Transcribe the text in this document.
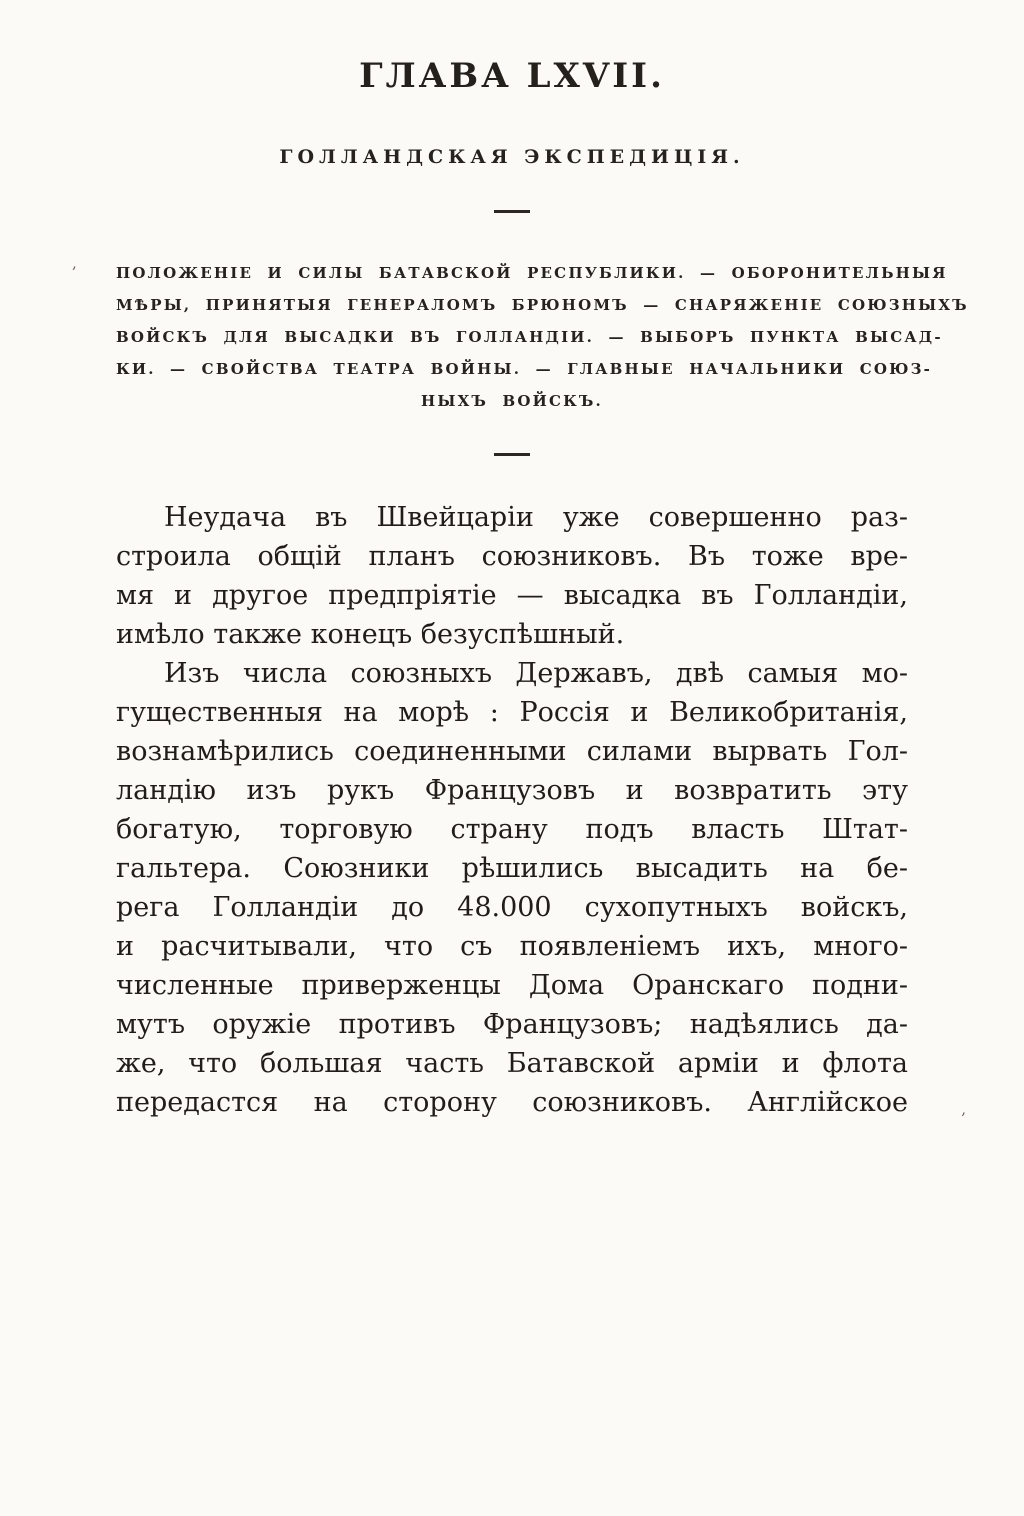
,
,
ГЛАВА LXVII.
ГОЛЛАНДСКАЯ ЭКСПЕДИЦІЯ.
ПОЛОЖЕНІЕ И СИЛЫ БАТАВСКОЙ РЕСПУБЛИКИ. — ОБОРОНИТЕЛЬНЫЯ
МѢРЫ, ПРИНЯТЫЯ ГЕНЕРАЛОМЪ БРЮНОМЪ — СНАРЯЖЕНІЕ СОЮЗНЫХЪ
ВОЙСКЪ ДЛЯ ВЫСАДКИ ВЪ ГОЛЛАНДІИ. — ВЫБОРЪ ПУНКТА ВЫСАД-
КИ. — СВОЙСТВА ТЕАТРА ВОЙНЫ. — ГЛАВНЫЕ НАЧАЛЬНИКИ СОЮЗ-
НЫХЪ ВОЙСКЪ.
Неудача въ Швейцаріи уже совершенно раз-
строила общій планъ союзниковъ. Въ тоже вре-
мя и другое предпріятіе — высадка въ Голландіи,
имѣло также конецъ безуспѣшный.
Изъ числа союзныхъ Державъ, двѣ самыя мо-
гущественныя на морѣ : Россія и Великобританія,
вознамѣрились соединенными силами вырвать Гол-
ландію изъ рукъ Французовъ и возвратить эту
богатую, торговую страну подъ власть Штат-
гальтера. Союзники рѣшились высадить на бе-
рега Голландіи до 48.000 сухопутныхъ войскъ,
и расчитывали, что съ появленіемъ ихъ, много-
численные приверженцы Дома Оранскаго подни-
мутъ оружіе противъ Французовъ; надѣялись да-
же, что большая часть Батавской арміи и флота
передастся на сторону союзниковъ. Англійское
